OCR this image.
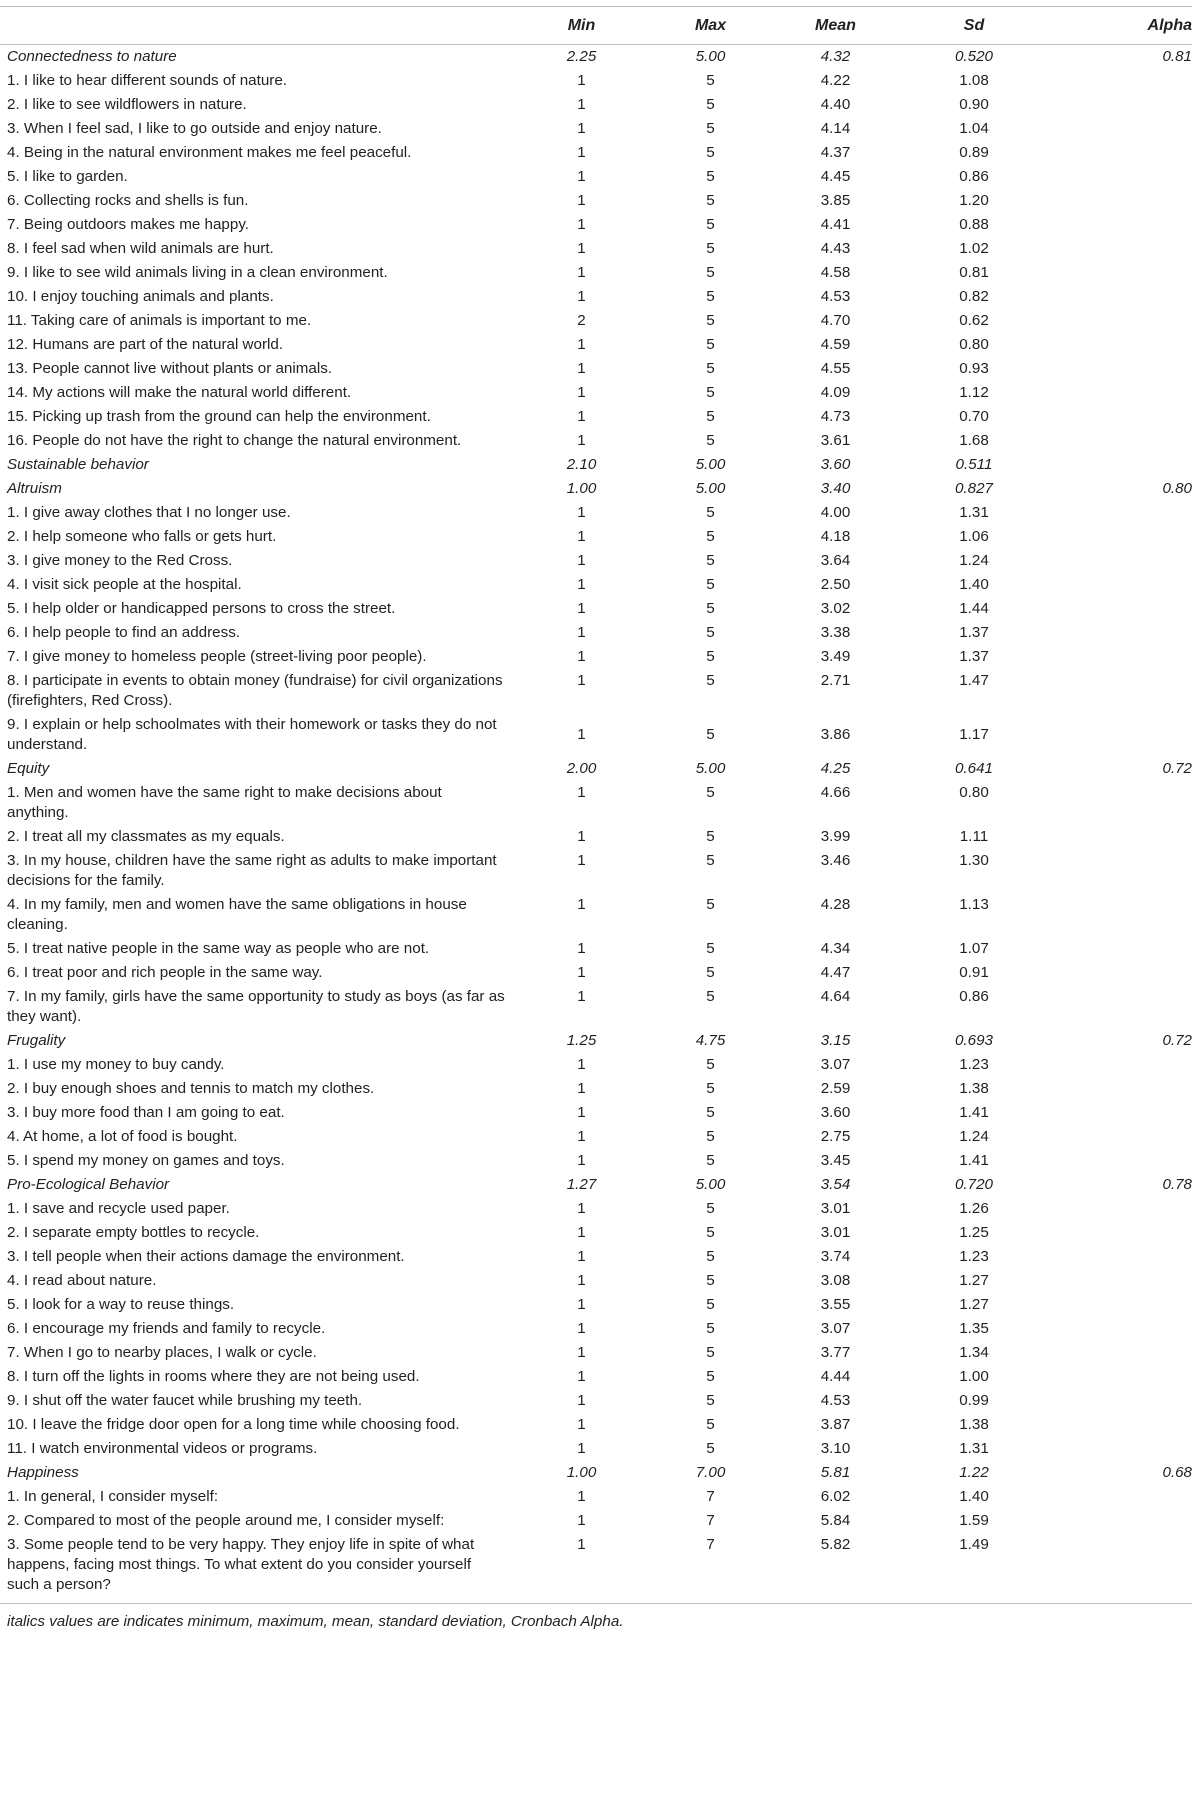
	Min	Max	Mean	Sd	Alpha
Connectedness to nature	2.25	5.00	4.32	0.520	0.81
1. I like to hear different sounds of nature.	1	5	4.22	1.08	
2. I like to see wildflowers in nature.	1	5	4.40	0.90	
3. When I feel sad, I like to go outside and enjoy nature.	1	5	4.14	1.04	
4. Being in the natural environment makes me feel peaceful.	1	5	4.37	0.89	
5. I like to garden.	1	5	4.45	0.86	
6. Collecting rocks and shells is fun.	1	5	3.85	1.20	
7. Being outdoors makes me happy.	1	5	4.41	0.88	
8. I feel sad when wild animals are hurt.	1	5	4.43	1.02	
9. I like to see wild animals living in a clean environment.	1	5	4.58	0.81	
10. I enjoy touching animals and plants.	1	5	4.53	0.82	
11. Taking care of animals is important to me.	2	5	4.70	0.62	
12. Humans are part of the natural world.	1	5	4.59	0.80	
13. People cannot live without plants or animals.	1	5	4.55	0.93	
14. My actions will make the natural world different.	1	5	4.09	1.12	
15. Picking up trash from the ground can help the environment.	1	5	4.73	0.70	
16. People do not have the right to change the natural environment.	1	5	3.61	1.68	
Sustainable behavior	2.10	5.00	3.60	0.511	
Altruism	1.00	5.00	3.40	0.827	0.80
1. I give away clothes that I no longer use.	1	5	4.00	1.31	
2. I help someone who falls or gets hurt.	1	5	4.18	1.06	
3. I give money to the Red Cross.	1	5	3.64	1.24	
4. I visit sick people at the hospital.	1	5	2.50	1.40	
5. I help older or handicapped persons to cross the street.	1	5	3.02	1.44	
6. I help people to find an address.	1	5	3.38	1.37	
7. I give money to homeless people (street-living poor people).	1	5	3.49	1.37	
8. I participate in events to obtain money (fundraise) for civil organizations (firefighters, Red Cross).	1	5	2.71	1.47	
9. I explain or help schoolmates with their homework or tasks they do not understand.	1	5	3.86	1.17	
Equity	2.00	5.00	4.25	0.641	0.72
1. Men and women have the same right to make decisions about anything.	1	5	4.66	0.80	
2. I treat all my classmates as my equals.	1	5	3.99	1.11	
3. In my house, children have the same right as adults to make important decisions for the family.	1	5	3.46	1.30	
4. In my family, men and women have the same obligations in house cleaning.	1	5	4.28	1.13	
5. I treat native people in the same way as people who are not.	1	5	4.34	1.07	
6. I treat poor and rich people in the same way.	1	5	4.47	0.91	
7. In my family, girls have the same opportunity to study as boys (as far as they want).	1	5	4.64	0.86	
Frugality	1.25	4.75	3.15	0.693	0.72
1. I use my money to buy candy.	1	5	3.07	1.23	
2. I buy enough shoes and tennis to match my clothes.	1	5	2.59	1.38	
3. I buy more food than I am going to eat.	1	5	3.60	1.41	
4. At home, a lot of food is bought.	1	5	2.75	1.24	
5. I spend my money on games and toys.	1	5	3.45	1.41	
Pro-Ecological Behavior	1.27	5.00	3.54	0.720	0.78
1. I save and recycle used paper.	1	5	3.01	1.26	
2. I separate empty bottles to recycle.	1	5	3.01	1.25	
3. I tell people when their actions damage the environment.	1	5	3.74	1.23	
4. I read about nature.	1	5	3.08	1.27	
5. I look for a way to reuse things.	1	5	3.55	1.27	
6. I encourage my friends and family to recycle.	1	5	3.07	1.35	
7. When I go to nearby places, I walk or cycle.	1	5	3.77	1.34	
8. I turn off the lights in rooms where they are not being used.	1	5	4.44	1.00	
9. I shut off the water faucet while brushing my teeth.	1	5	4.53	0.99	
10. I leave the fridge door open for a long time while choosing food.	1	5	3.87	1.38	
11. I watch environmental videos or programs.	1	5	3.10	1.31	
Happiness	1.00	7.00	5.81	1.22	0.68
1. In general, I consider myself:	1	7	6.02	1.40	
2. Compared to most of the people around me, I consider myself:	1	7	5.84	1.59	
3. Some people tend to be very happy. They enjoy life in spite of what happens, facing most things. To what extent do you consider yourself such a person?	1	7	5.82	1.49	

italics values are indicates minimum, maximum, mean, standard deviation, Cronbach Alpha.
